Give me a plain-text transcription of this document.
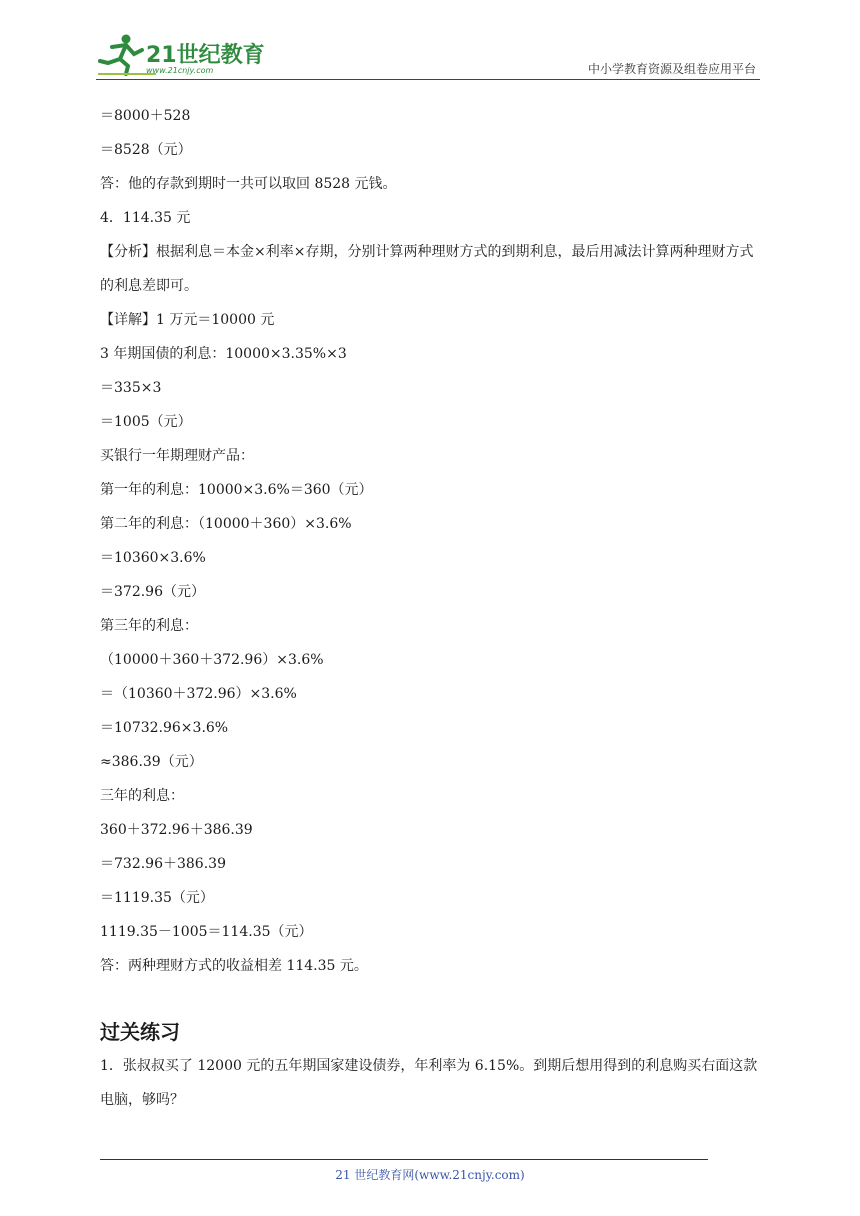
21世纪教育
www.21cnjy.com	中小学教育资源及组卷应用平台
＝8000＋528
＝8528（元）
答：他的存款到期时一共可以取回 8528 元钱。
4．114.35 元
【分析】根据利息＝本金×利率×存期，分别计算两种理财方式的到期利息，最后用减法计算两种理财方式的利息差即可。
【详解】1 万元＝10000 元
3 年期国债的利息：10000×3.35%×3
＝335×3
＝1005（元）
买银行一年期理财产品：
第一年的利息：10000×3.6%＝360（元）
第二年的利息：（10000＋360）×3.6%
＝10360×3.6%
＝372.96（元）
第三年的利息：
（10000＋360＋372.96）×3.6%
＝（10360＋372.96）×3.6%
＝10732.96×3.6%
≈386.39（元）
三年的利息：
360＋372.96＋386.39
＝732.96＋386.39
＝1119.35（元）
1119.35－1005＝114.35（元）
答：两种理财方式的收益相差 114.35 元。
过关练习
1．张叔叔买了 12000 元的五年期国家建设债券，年利率为 6.15%。到期后想用得到的利息购买右面这款电脑，够吗？
21 世纪教育网(www.21cnjy.com)
